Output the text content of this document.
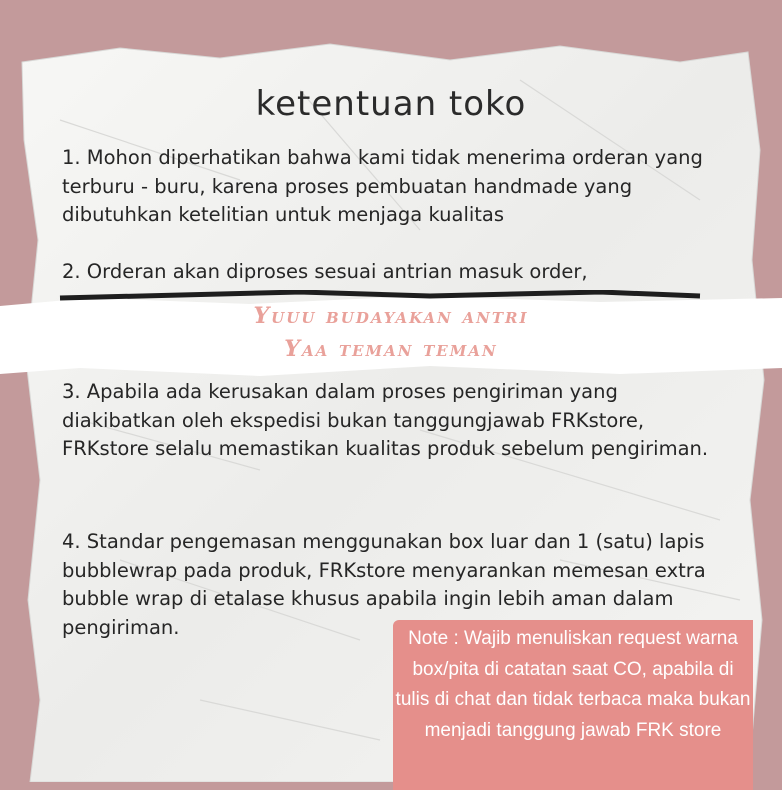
ketentuan toko
1. Mohon diperhatikan bahwa kami tidak menerima orderan yang terburu - buru, karena proses pembuatan handmade yang dibutuhkan ketelitian untuk menjaga kualitas
2. Orderan akan diproses sesuai antrian masuk order,
Yuuu budayakan antri
Yaa teman teman
3. Apabila ada kerusakan dalam proses pengiriman yang diakibatkan oleh ekspedisi bukan tanggungjawab FRKstore, FRKstore selalu memastikan kualitas produk sebelum pengiriman.
4. Standar pengemasan menggunakan box luar dan 1 (satu) lapis bubblewrap pada produk, FRKstore menyarankan memesan extra bubble wrap di etalase khusus apabila ingin lebih aman dalam pengiriman.	Note : Wajib menuliskan request warna box/pita di catatan saat CO, apabila di tulis di chat dan tidak terbaca maka bukan menjadi tanggung jawab FRK store
